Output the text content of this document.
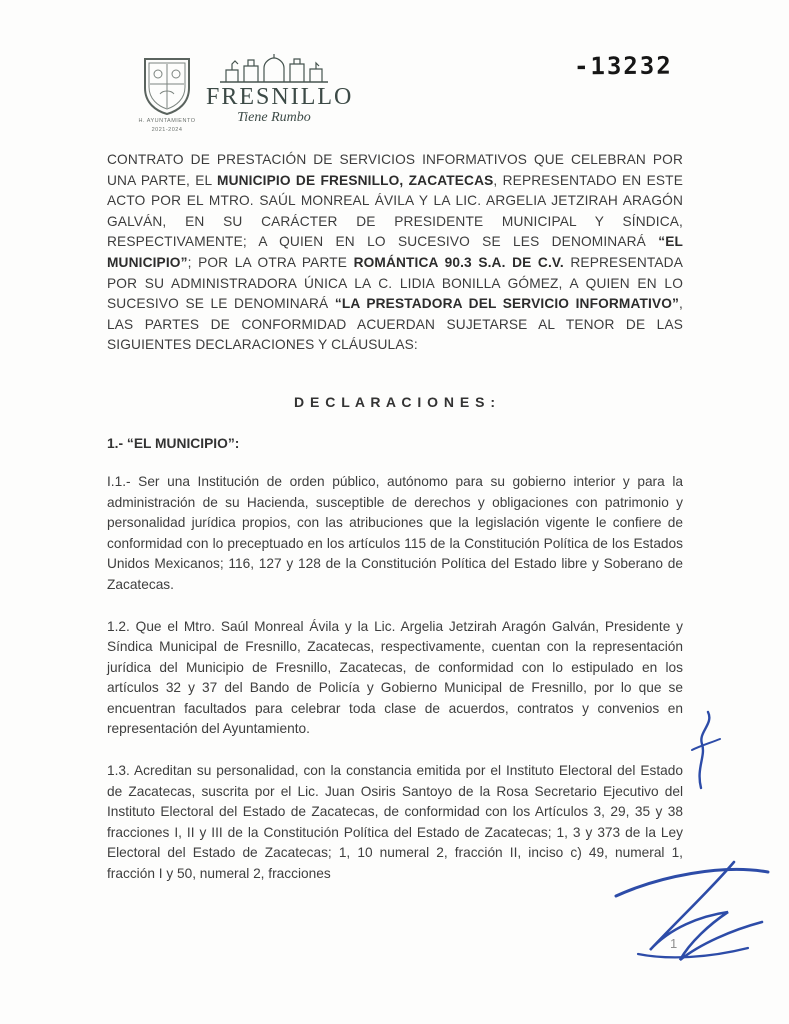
H. AYUNTAMIENTO
2021-2024
FRESNILLO
Tiene Rumbo
-13232

CONTRATO DE PRESTACIÓN DE SERVICIOS INFORMATIVOS QUE CELEBRAN POR UNA PARTE, EL MUNICIPIO DE FRESNILLO, ZACATECAS, REPRESENTADO EN ESTE ACTO POR EL MTRO. SAÚL MONREAL ÁVILA Y LA LIC. ARGELIA JETZIRAH ARAGÓN GALVÁN, EN SU CARÁCTER DE PRESIDENTE MUNICIPAL Y SÍNDICA, RESPECTIVAMENTE; A QUIEN EN LO SUCESIVO SE LES DENOMINARÁ “EL MUNICIPIO”; POR LA OTRA PARTE ROMÁNTICA 90.3 S.A. DE C.V. REPRESENTADA POR SU ADMINISTRADORA ÚNICA LA C. LIDIA BONILLA GÓMEZ, A QUIEN EN LO SUCESIVO SE LE DENOMINARÁ “LA PRESTADORA DEL SERVICIO INFORMATIVO”, LAS PARTES DE CONFORMIDAD ACUERDAN SUJETARSE AL TENOR DE LAS SIGUIENTES DECLARACIONES Y CLÁUSULAS:

D E C L A R A C I O N E S :

1.- “EL MUNICIPIO”:

I.1.- Ser una Institución de orden público, autónomo para su gobierno interior y para la administración de su Hacienda, susceptible de derechos y obligaciones con patrimonio y personalidad jurídica propios, con las atribuciones que la legislación vigente le confiere de conformidad con lo preceptuado en los artículos 115 de la Constitución Política de los Estados Unidos Mexicanos; 116, 127 y 128 de la Constitución Política del Estado libre y Soberano de Zacatecas.

1.2. Que el Mtro. Saúl Monreal Ávila y la Lic. Argelia Jetzirah Aragón Galván, Presidente y Síndica Municipal de Fresnillo, Zacatecas, respectivamente, cuentan con la representación jurídica del Municipio de Fresnillo, Zacatecas, de conformidad con lo estipulado en los artículos 32 y 37 del Bando de Policía y Gobierno Municipal de Fresnillo, por lo que se encuentran facultados para celebrar toda clase de acuerdos, contratos y convenios en representación del Ayuntamiento.

1.3. Acreditan su personalidad, con la constancia emitida por el Instituto Electoral del Estado de Zacatecas, suscrita por el Lic. Juan Osiris Santoyo de la Rosa Secretario Ejecutivo del Instituto Electoral del Estado de Zacatecas, de conformidad con los Artículos 3, 29, 35 y 38 fracciones I, II y III de la Constitución Política del Estado de Zacatecas; 1, 3 y 373 de la Ley Electoral del Estado de Zacatecas; 1, 10 numeral 2, fracción II, inciso c) 49, numeral 1, fracción I y 50, numeral 2, fracciones

1
